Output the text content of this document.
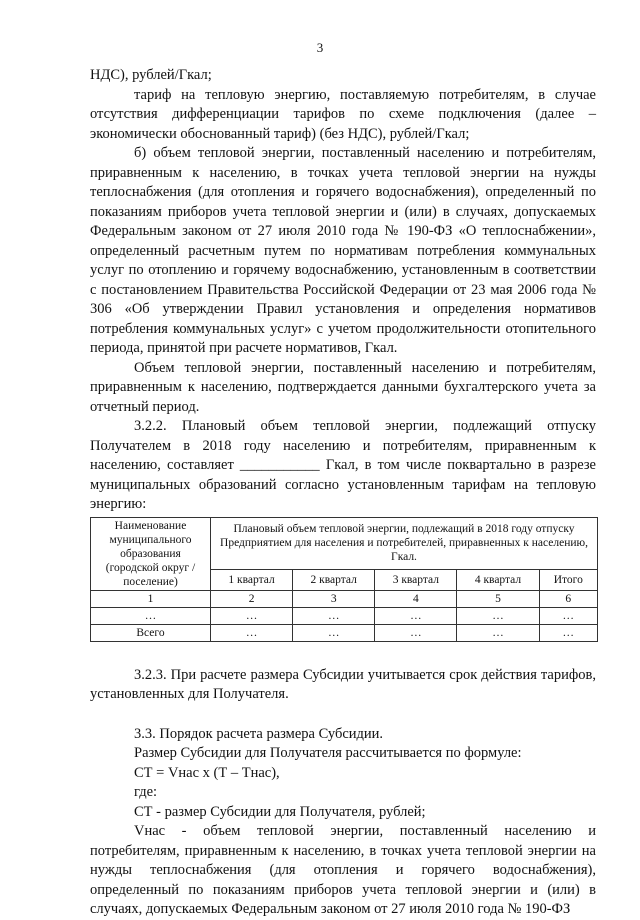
3

НДС), рублей/Гкал;

тариф на тепловую энергию, поставляемую потребителям, в случае отсутствия дифференциации тарифов по схеме подключения (далее – экономически обоснованный тариф) (без НДС), рублей/Гкал;

б) объем тепловой энергии, поставленный населению и потребителям, приравненным к населению, в точках учета тепловой энергии на нужды теплоснабжения (для отопления и горячего водоснабжения), определенный по показаниям приборов учета тепловой энергии и (или) в случаях, допускаемых Федеральным законом от 27 июля 2010 года № 190-ФЗ «О теплоснабжении», определенный расчетным путем по нормативам потребления коммунальных услуг по отоплению и горячему водоснабжению, установленным в соответствии с постановлением Правительства Российской Федерации от 23 мая 2006 года № 306 «Об утверждении Правил установления и определения нормативов потребления коммунальных услуг» с учетом продолжительности отопительного периода, принятой при расчете нормативов, Гкал.

Объем тепловой энергии, поставленный населению и потребителям, приравненным к населению, подтверждается данными бухгалтерского учета за отчетный период.

3.2.2. Плановый объем тепловой энергии, подлежащий отпуску Получателем в 2018 году населению и потребителям, приравненным к населению, составляет ___________ Гкал, в том числе поквартально в разрезе муниципальных образований согласно установленным тарифам на тепловую энергию:

Наименование муниципального образования (городской округ / поселение)	Плановый объем тепловой энергии, подлежащий в 2018 году отпуску Предприятием для населения и потребителей, приравненных к населению, Гкал.				
	1 квартал	2 квартал	3 квартал	4 квартал	Итого
1	2	3	4	5	6
…	…	…	…	…	…
Всего	…	…	…	…	…

3.2.3. При расчете размера Субсидии учитывается срок действия тарифов, установленных для Получателя.

3.3. Порядок расчета размера Субсидии.

Размер Субсидии для Получателя рассчитывается по формуле:

СТ = Vнас х (Т – Tнас),

где:

СТ - размер Субсидии для Получателя, рублей;

Vнас - объем тепловой энергии, поставленный населению и потребителям, приравненным к населению, в точках учета тепловой энергии на нужды теплоснабжения (для отопления и горячего водоснабжения), определенный по показаниям приборов учета тепловой энергии и (или) в случаях, допускаемых Федеральным законом от 27 июля 2010 года № 190-ФЗ
